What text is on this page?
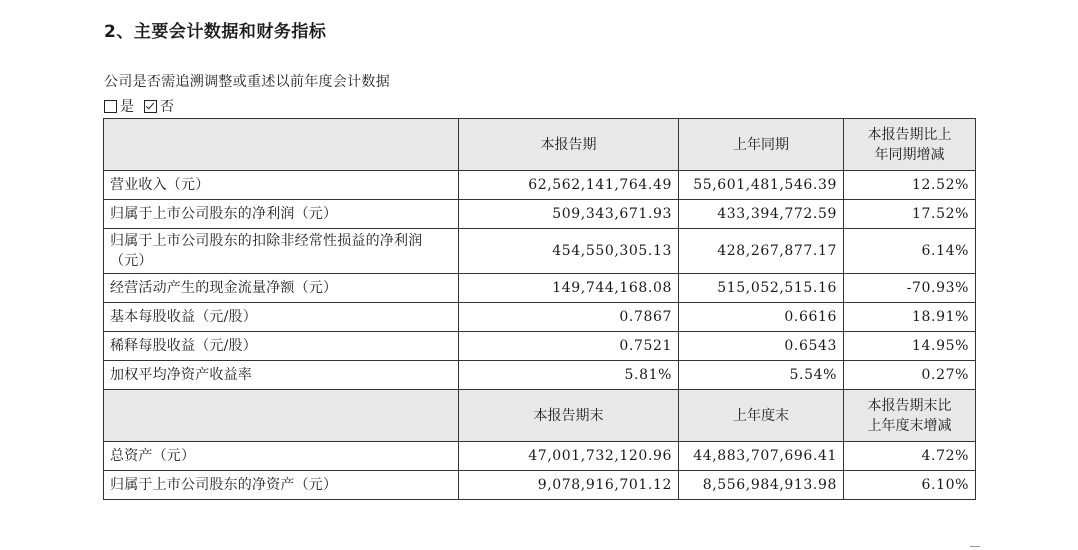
2、主要会计数据和财务指标
公司是否需追溯调整或重述以前年度会计数据
是 否
	本报告期	上年同期	本报告期比上
年同期增减
营业收入（元）	62,562,141,764.49	55,601,481,546.39	12.52%
归属于上市公司股东的净利润（元）	509,343,671.93	433,394,772.59	17.52%
归属于上市公司股东的扣除非经常性损益的净利润（元）	454,550,305.13	428,267,877.17	6.14%
经营活动产生的现金流量净额（元）	149,744,168.08	515,052,515.16	-70.93%
基本每股收益（元/股）	0.7867	0.6616	18.91%
稀释每股收益（元/股）	0.7521	0.6543	14.95%
加权平均净资产收益率	5.81%	5.54%	0.27%
	本报告期末	上年度末	本报告期末比
上年度末增减
总资产（元）	47,001,732,120.96	44,883,707,696.41	4.72%
归属于上市公司股东的净资产（元）	9,078,916,701.12	8,556,984,913.98	6.10%
